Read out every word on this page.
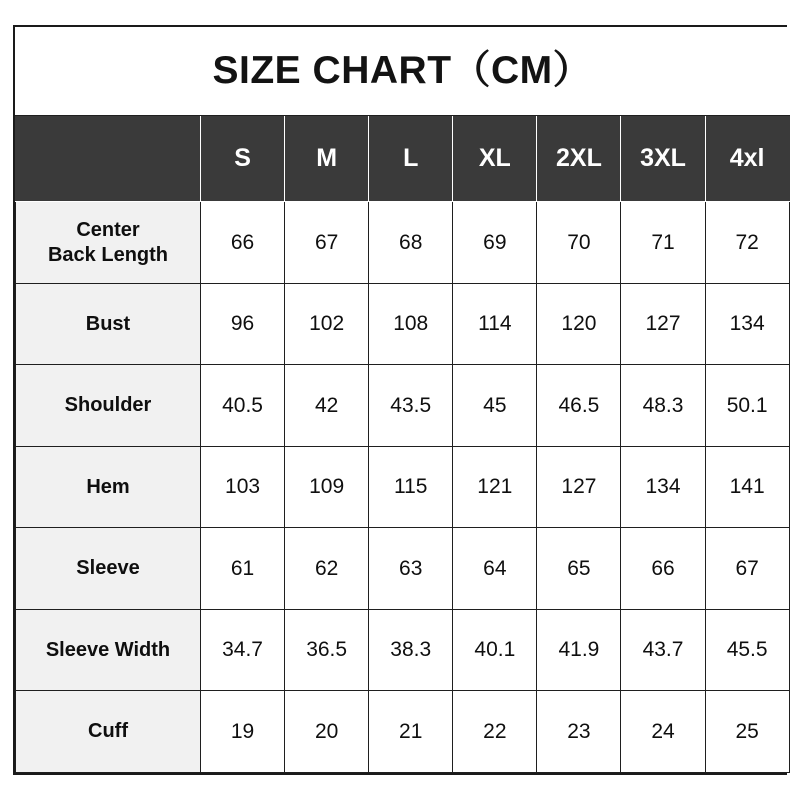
SIZE CHART（CM）							
	S	M	L	XL	2XL	3XL	4xl

Center
Back Length	66	67	68	69	70	71	72

Bust	96	102	108	114	120	127	134

Shoulder	40.5	42	43.5	45	46.5	48.3	50.1

Hem	103	109	115	121	127	134	141

Sleeve	61	62	63	64	65	66	67

Sleeve Width	34.7	36.5	38.3	40.1	41.9	43.7	45.5

Cuff	19	20	21	22	23	24	25
